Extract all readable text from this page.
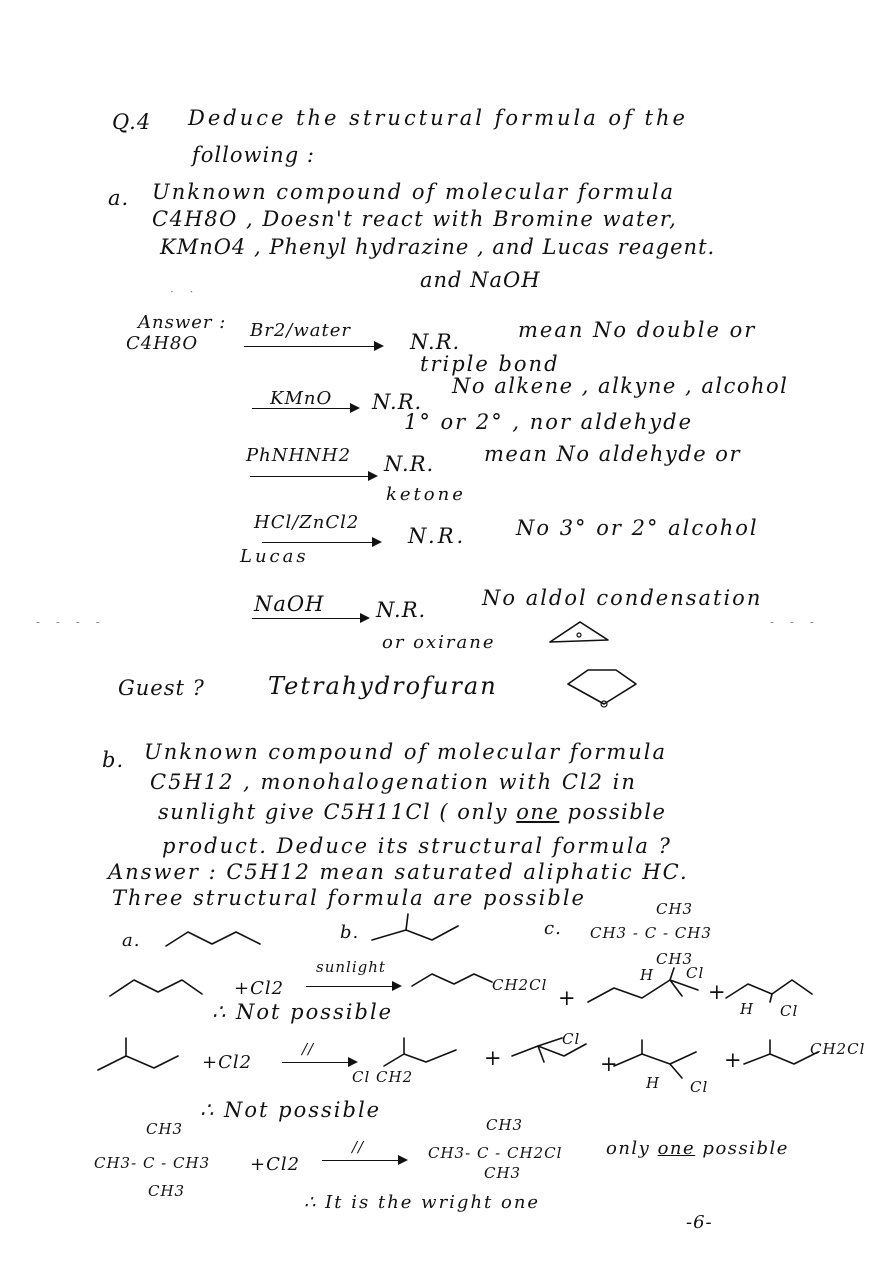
Q.4 Deduce the structural formula of the
following :
a. Unknown compound of molecular formula
C4H8O , Doesn't react with Bromine water,
KMnO4 , Phenyl hydrazine , and Lucas reagent.
and NaOH
· ·
Answer :
C4H8O
Br2/water	N.R.	mean No double or
triple bond
KMnO N.R.
No alkene , alkyne , alcohol
1° or 2° , nor aldehyde
PhNHNH2 N.R. mean No aldehyde or
ketone
HCl/ZnCl2
Lucas
N.R. No 3° or 2° alcohol
NaOH N.R.	No aldol condensation
or oxirane
- - - -	- - -
Guest ?	Tetrahydrofuran
b. Unknown compound of molecular formula
C5H12 , monohalogenation with Cl2 in
sunlight give C5H11Cl ( only one possible
product. Deduce its structural formula ?
Answer : C5H12 mean saturated aliphatic HC.
Three structural formula are possible
a.	b.	c.
CH3
CH3 - C - CH3
CH3
+Cl2
sunlight
CH2Cl
+
H Cl
+
H Cl
∴ Not possible
+Cl2
//
Cl CH2
+
Cl
+
H Cl
+	CH2Cl
∴ Not possible
CH3
CH3- C - CH3
CH3
+Cl2
//
CH3
CH3- C - CH2Cl
CH3
only one possible
∴ It is the wright one
-6-
